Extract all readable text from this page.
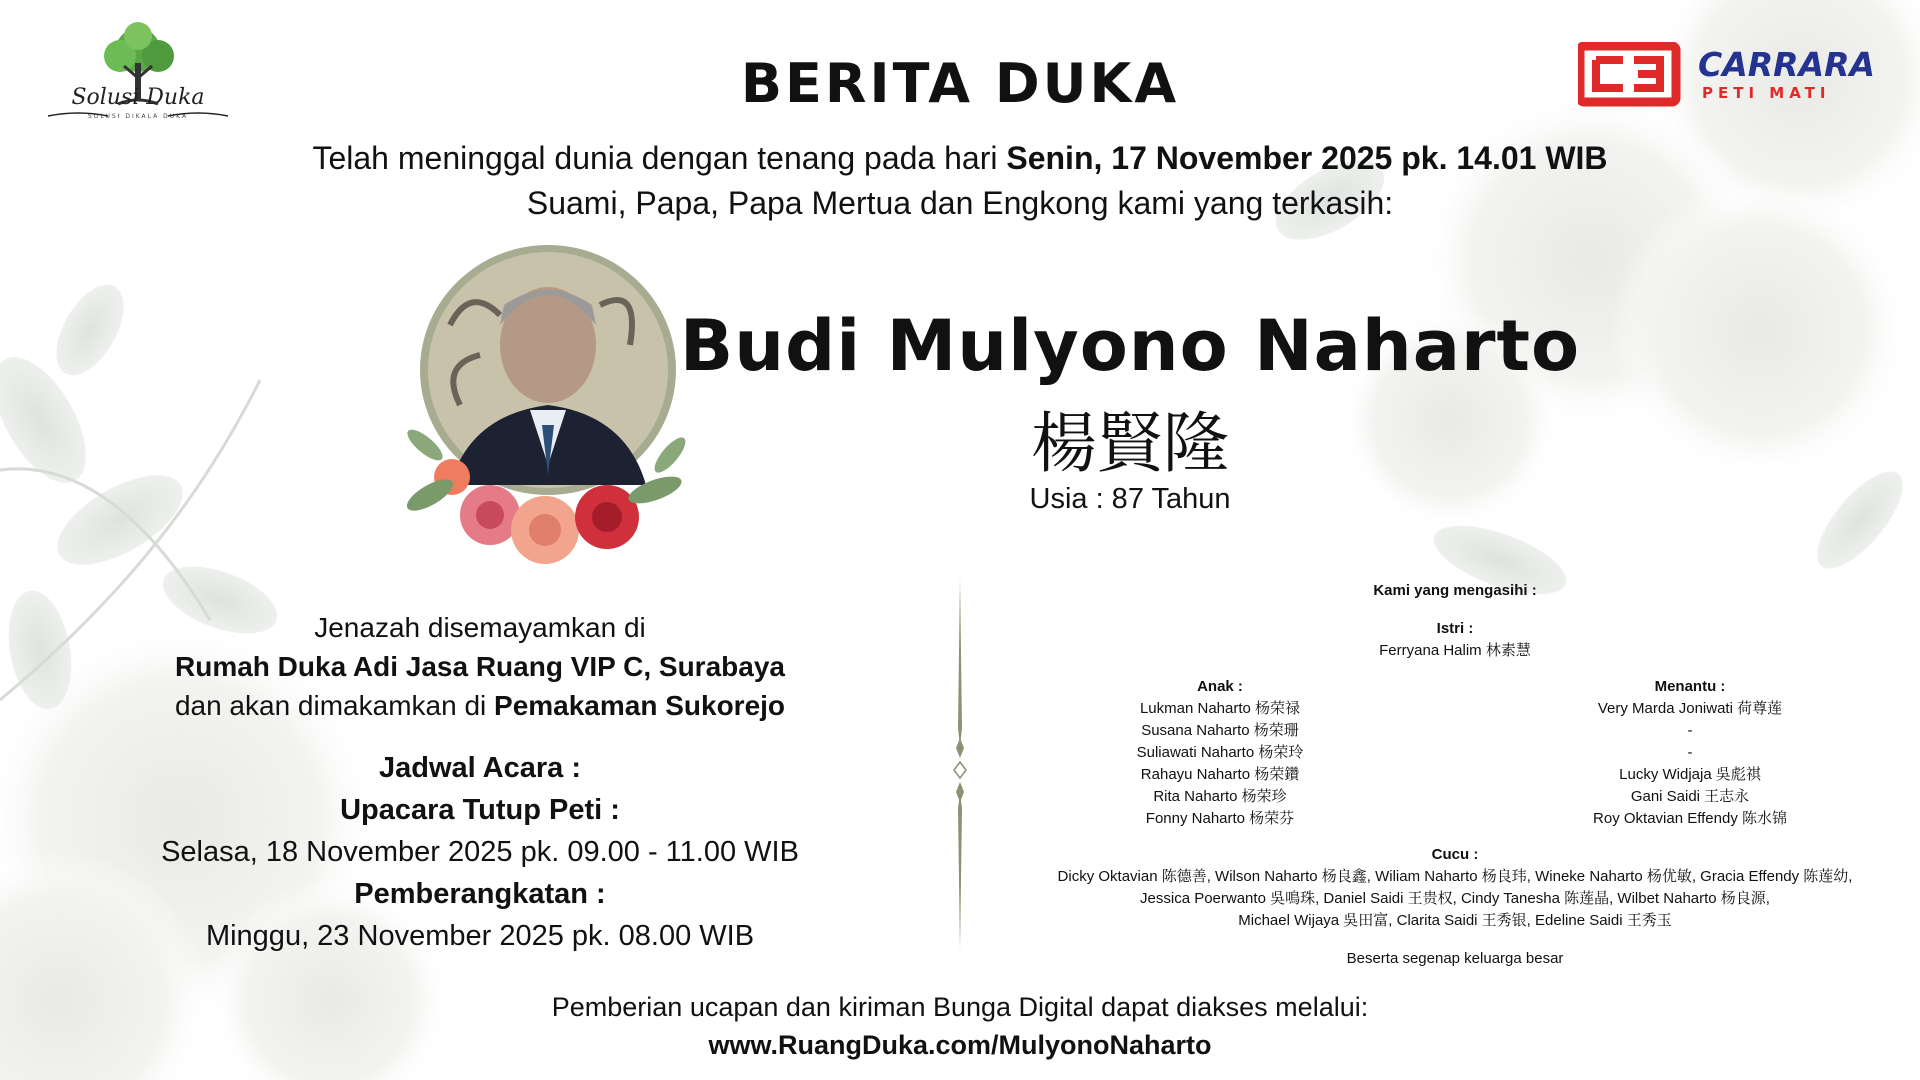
Solusi Duka
SOLUSI DIKALA DUKA
CARRARA
PETI MATI
BERITA DUKA
Telah meninggal dunia dengan tenang pada hari Senin, 17 November 2025 pk. 14.01 WIB
Suami, Papa, Papa Mertua dan Engkong kami yang terkasih:
Budi Mulyono Naharto
楊賢隆
Usia : 87 Tahun
Jenazah disemayamkan di
Rumah Duka Adi Jasa Ruang VIP C, Surabaya
dan akan dimakamkan di Pemakaman Sukorejo
Jadwal Acara :
Upacara Tutup Peti :
Selasa, 18 November 2025 pk. 09.00 - 11.00 WIB
Pemberangkatan :
Minggu, 23 November 2025 pk. 08.00 WIB
Kami yang mengasihi :
Istri :
Ferryana Halim 林素慧
Anak :
Lukman Naharto 杨荣禄
Susana Naharto 杨荣珊
Suliawati Naharto 杨荣玲
Rahayu Naharto 杨荣鑽
Rita Naharto 杨荣珍
Fonny Naharto 杨荣芬
Menantu :
Very Marda Joniwati 荷尊莲
-
-
Lucky Widjaja 吳彪祺
Gani Saidi 王志永
Roy Oktavian Effendy 陈水锦
Cucu :
Dicky Oktavian 陈德善, Wilson Naharto 杨良鑫, Wiliam Naharto 杨良玮, Wineke Naharto 杨优敏, Gracia Effendy 陈莲幼,
Jessica Poerwanto 吳鳴珠, Daniel Saidi 王贵权, Cindy Tanesha 陈莲晶, Wilbet Naharto 杨良源,
Michael Wijaya 吳田富, Clarita Saidi 王秀银, Edeline Saidi 王秀玉
Beserta segenap keluarga besar
Pemberian ucapan dan kiriman Bunga Digital dapat diakses melalui:
www.RuangDuka.com/MulyonoNaharto
